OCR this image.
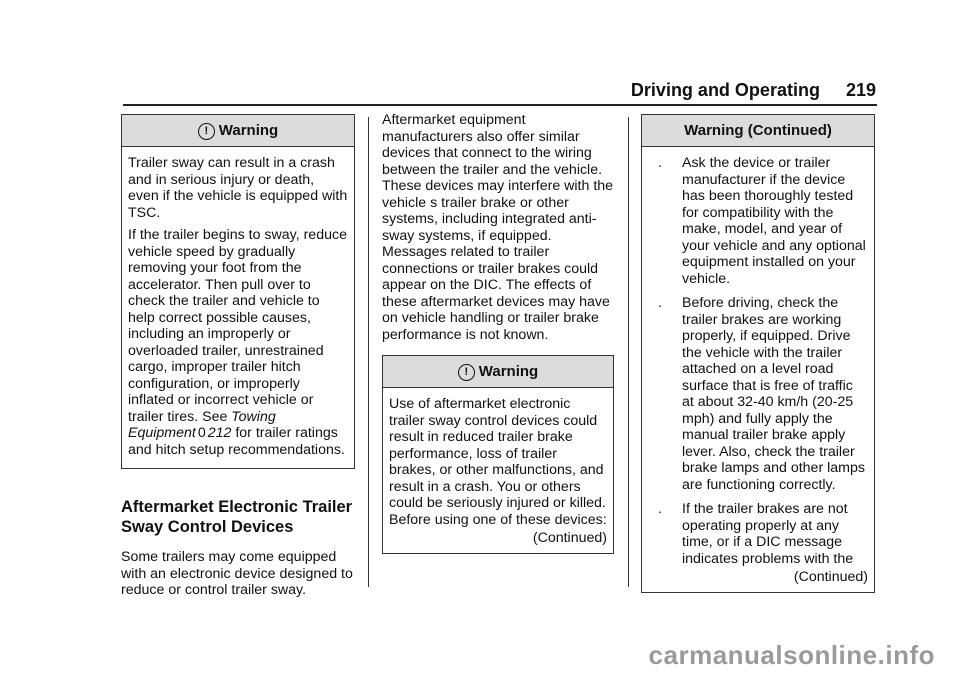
Driving and Operating 219
! Warning

Trailer sway can result in a crash and in serious injury or death, even if the vehicle is equipped with TSC.

If the trailer begins to sway, reduce vehicle speed by gradually removing your foot from the accelerator. Then pull over to check the trailer and vehicle to help correct possible causes, including an improperly or overloaded trailer, unrestrained cargo, improper trailer hitch configuration, or improperly inflated or incorrect vehicle or trailer tires. See Towing Equipment 0 212 for trailer ratings and hitch setup recommendations.

Aftermarket Electronic Trailer Sway Control Devices

Some trailers may come equipped with an electronic device designed to reduce or control trailer sway.

Aftermarket equipment manufacturers also offer similar devices that connect to the wiring between the trailer and the vehicle. These devices may interfere with the vehicle s trailer brake or other systems, including integrated anti-sway systems, if equipped. Messages related to trailer connections or trailer brakes could appear on the DIC. The effects of these aftermarket devices may have on vehicle handling or trailer brake performance is not known.

! Warning

Use of aftermarket electronic trailer sway control devices could result in reduced trailer brake performance, loss of trailer brakes, or other malfunctions, and result in a crash. You or others could be seriously injured or killed. Before using one of these devices:

(Continued)
Warning (Continued)
.	Ask the device or trailer manufacturer if the device has been thoroughly tested for compatibility with the make, model, and year of your vehicle and any optional equipment installed on your vehicle.
.	Before driving, check the trailer brakes are working properly, if equipped. Drive the vehicle with the trailer attached on a level road surface that is free of traffic at about 32-40 km/h (20-25 mph) and fully apply the manual trailer brake apply lever. Also, check the trailer brake lamps and other lamps are functioning correctly.
.	If the trailer brakes are not operating properly at any time, or if a DIC message indicates problems with the
(Continued)
carmanualsonline.info
